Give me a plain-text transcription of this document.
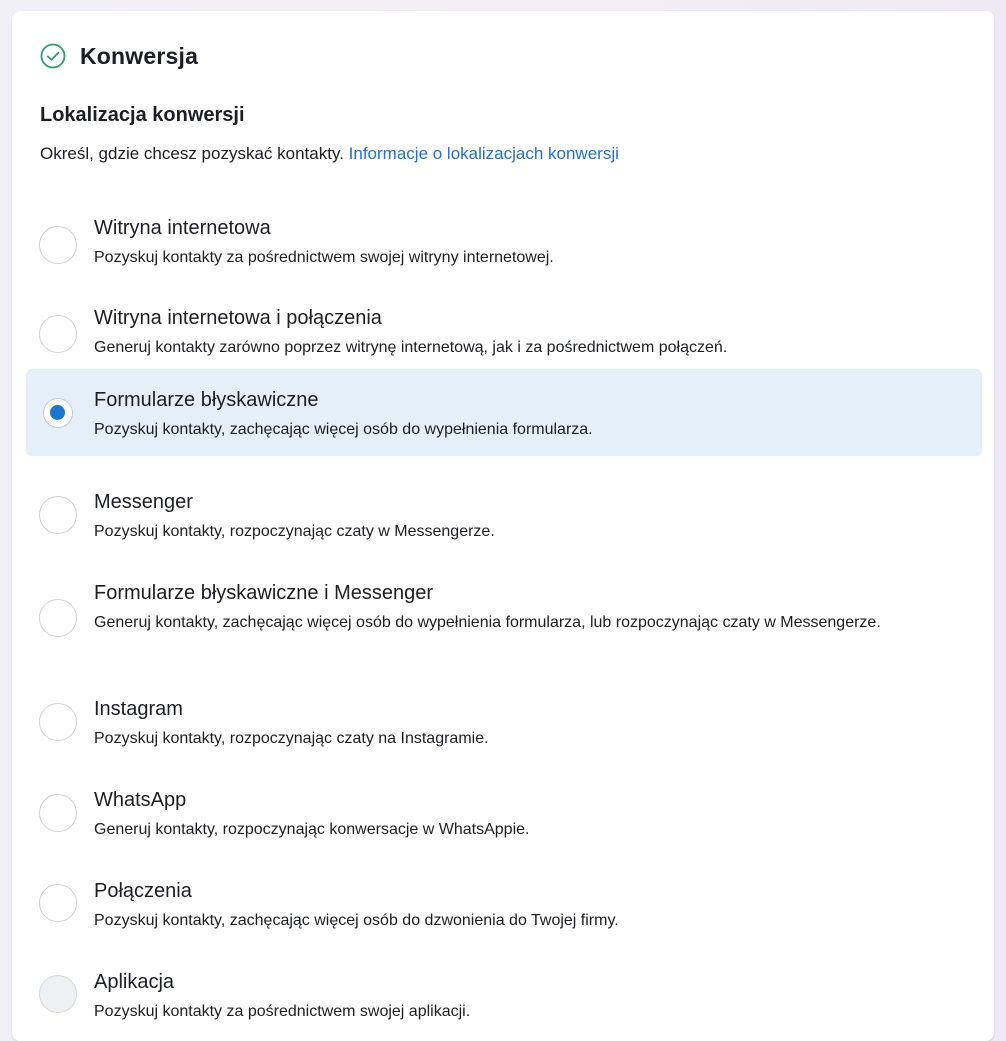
Konwersja
Lokalizacja konwersji
Określ, gdzie chcesz pozyskać kontakty. Informacje o lokalizacjach konwersji
Witryna internetowa
Pozyskuj kontakty za pośrednictwem swojej witryny internetowej.
Witryna internetowa i połączenia
Generuj kontakty zarówno poprzez witrynę internetową, jak i za pośrednictwem połączeń.
Formularze błyskawiczne
Pozyskuj kontakty, zachęcając więcej osób do wypełnienia formularza.
Messenger
Pozyskuj kontakty, rozpoczynając czaty w Messengerze.
Formularze błyskawiczne i Messenger
Generuj kontakty, zachęcając więcej osób do wypełnienia formularza, lub rozpoczynając czaty w Messengerze.
Instagram
Pozyskuj kontakty, rozpoczynając czaty na Instagramie.
WhatsApp
Generuj kontakty, rozpoczynając konwersacje w WhatsAppie.
Połączenia
Pozyskuj kontakty, zachęcając więcej osób do dzwonienia do Twojej firmy.
Aplikacja
Pozyskuj kontakty za pośrednictwem swojej aplikacji.
